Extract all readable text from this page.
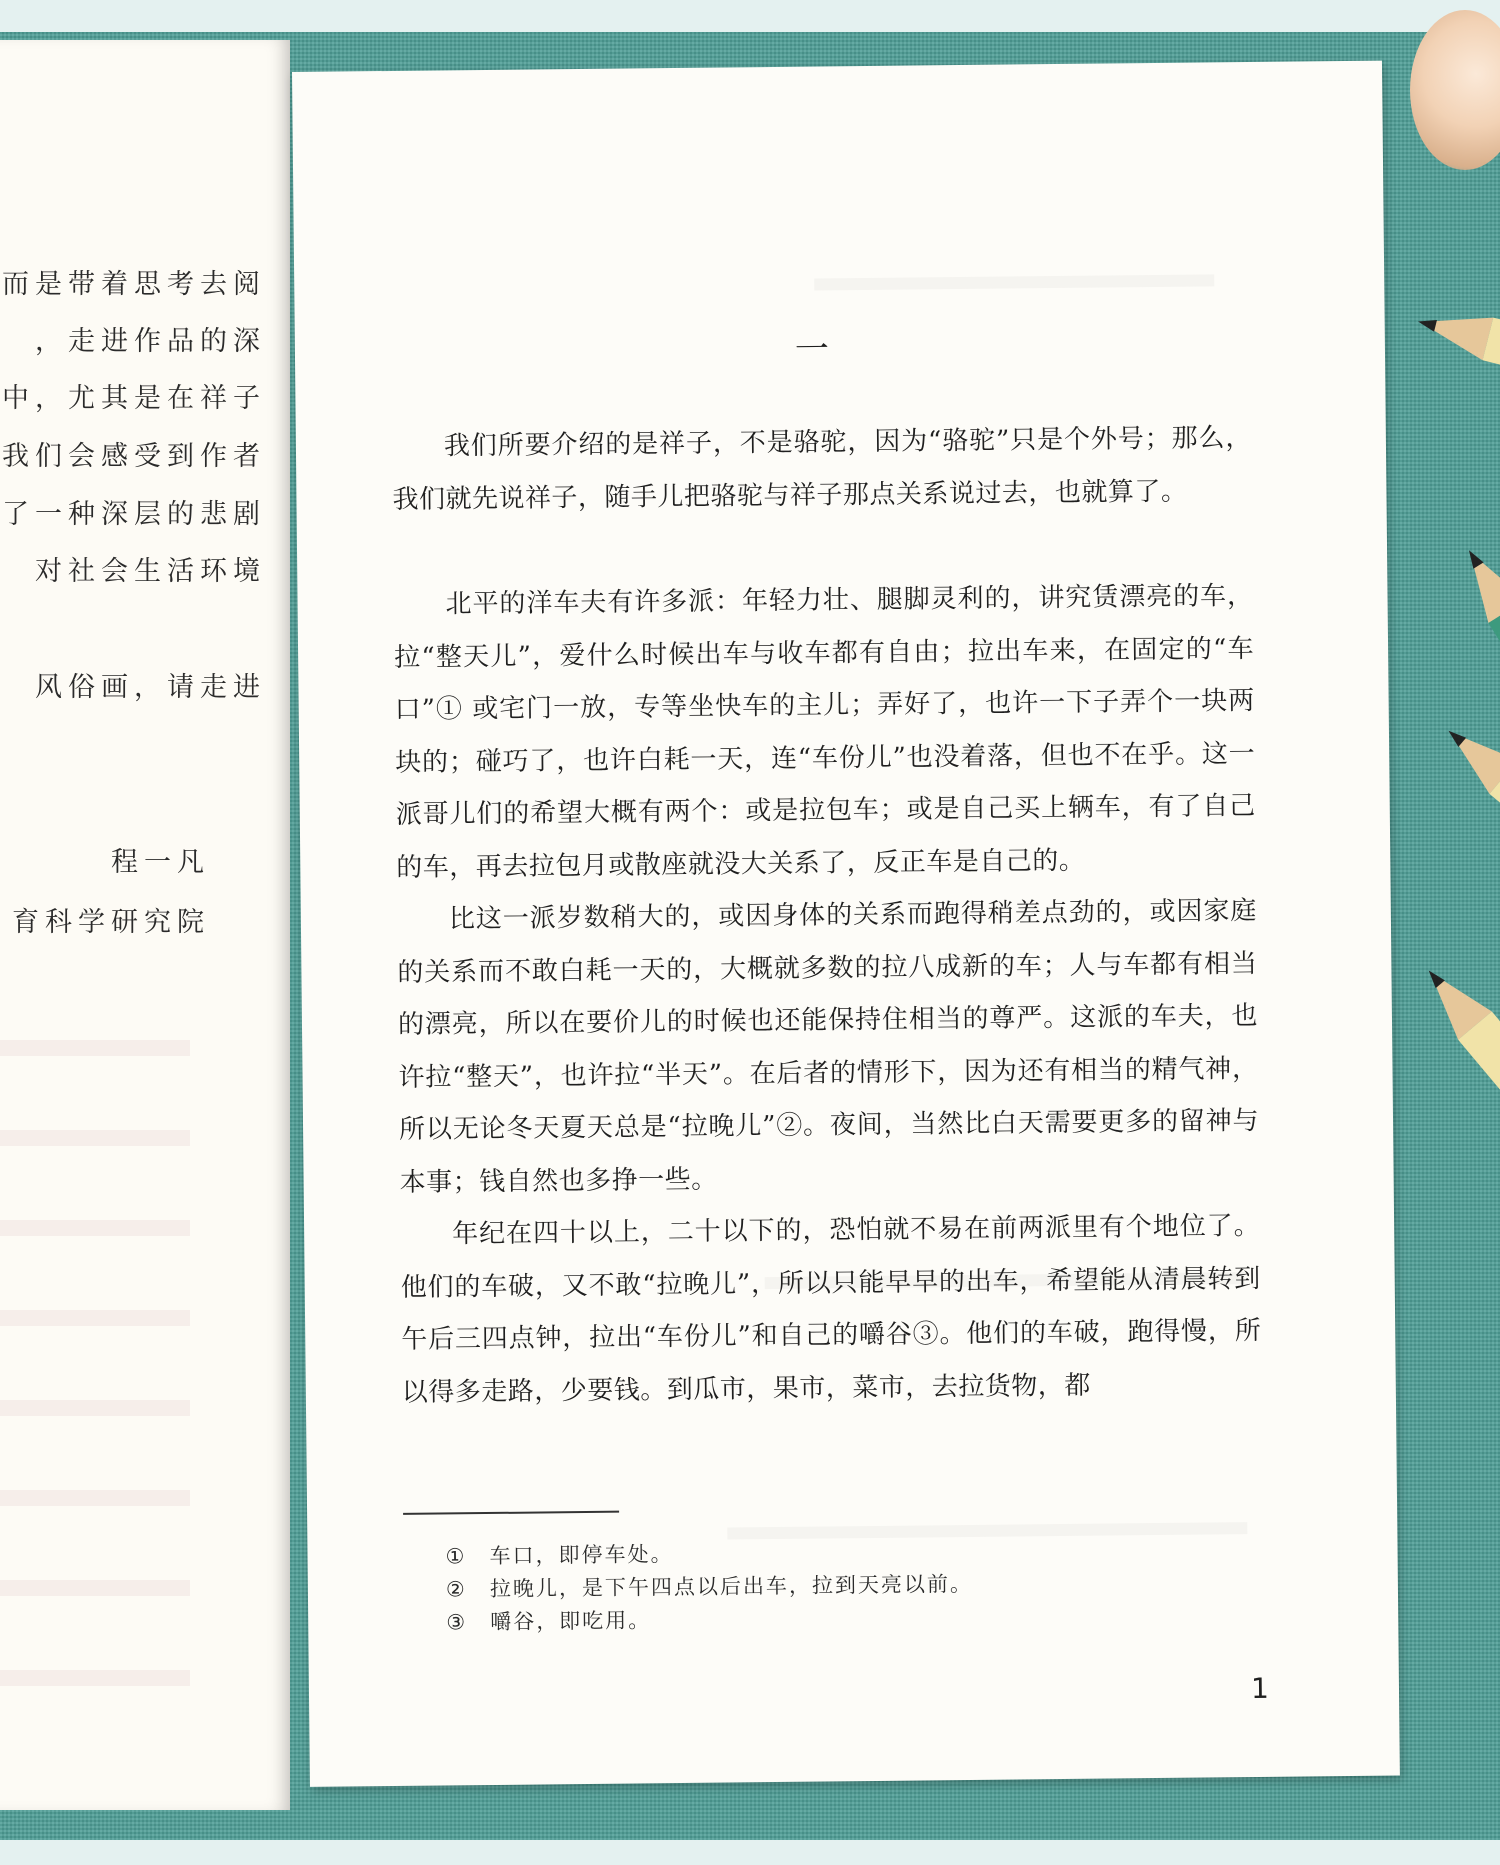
而是带着思考去阅
，走进作品的深
中，尤其是在祥子
我们会感受到作者
了一种深层的悲剧
对社会生活环境
风俗画，请走进
程一凡
育科学研究院
一
我们所要介绍的是祥子，不是骆驼，因为“骆驼”只是个外号；那么，我们就先说祥子，随手儿把骆驼与祥子那点关系说过去，也就算了。
北平的洋车夫有许多派：年轻力壮、腿脚灵利的，讲究赁漂亮的车，拉“整天儿”，爱什么时候出车与收车都有自由；拉出车来，在固定的“车口”① 或宅门一放，专等坐快车的主儿；弄好了，也许一下子弄个一块两块的；碰巧了，也许白耗一天，连“车份儿”也没着落，但也不在乎。这一派哥儿们的希望大概有两个：或是拉包车；或是自己买上辆车，有了自己的车，再去拉包月或散座就没大关系了，反正车是自己的。
比这一派岁数稍大的，或因身体的关系而跑得稍差点劲的，或因家庭的关系而不敢白耗一天的，大概就多数的拉八成新的车；人与车都有相当的漂亮，所以在要价儿的时候也还能保持住相当的尊严。这派的车夫，也许拉“整天”，也许拉“半天”。在后者的情形下，因为还有相当的精气神，所以无论冬天夏天总是“拉晚儿”②。夜间，当然比白天需要更多的留神与本事；钱自然也多挣一些。
年纪在四十以上，二十以下的，恐怕就不易在前两派里有个地位了。他们的车破，又不敢“拉晚儿”，所以只能早早的出车，希望能从清晨转到午后三四点钟，拉出“车份儿”和自己的嚼谷③。他们的车破，跑得慢，所以得多走路，少要钱。到瓜市，果市，菜市，去拉货物，都
① 车口，即停车处。
② 拉晚儿，是下午四点以后出车，拉到天亮以前。
③ 嚼谷，即吃用。
1
